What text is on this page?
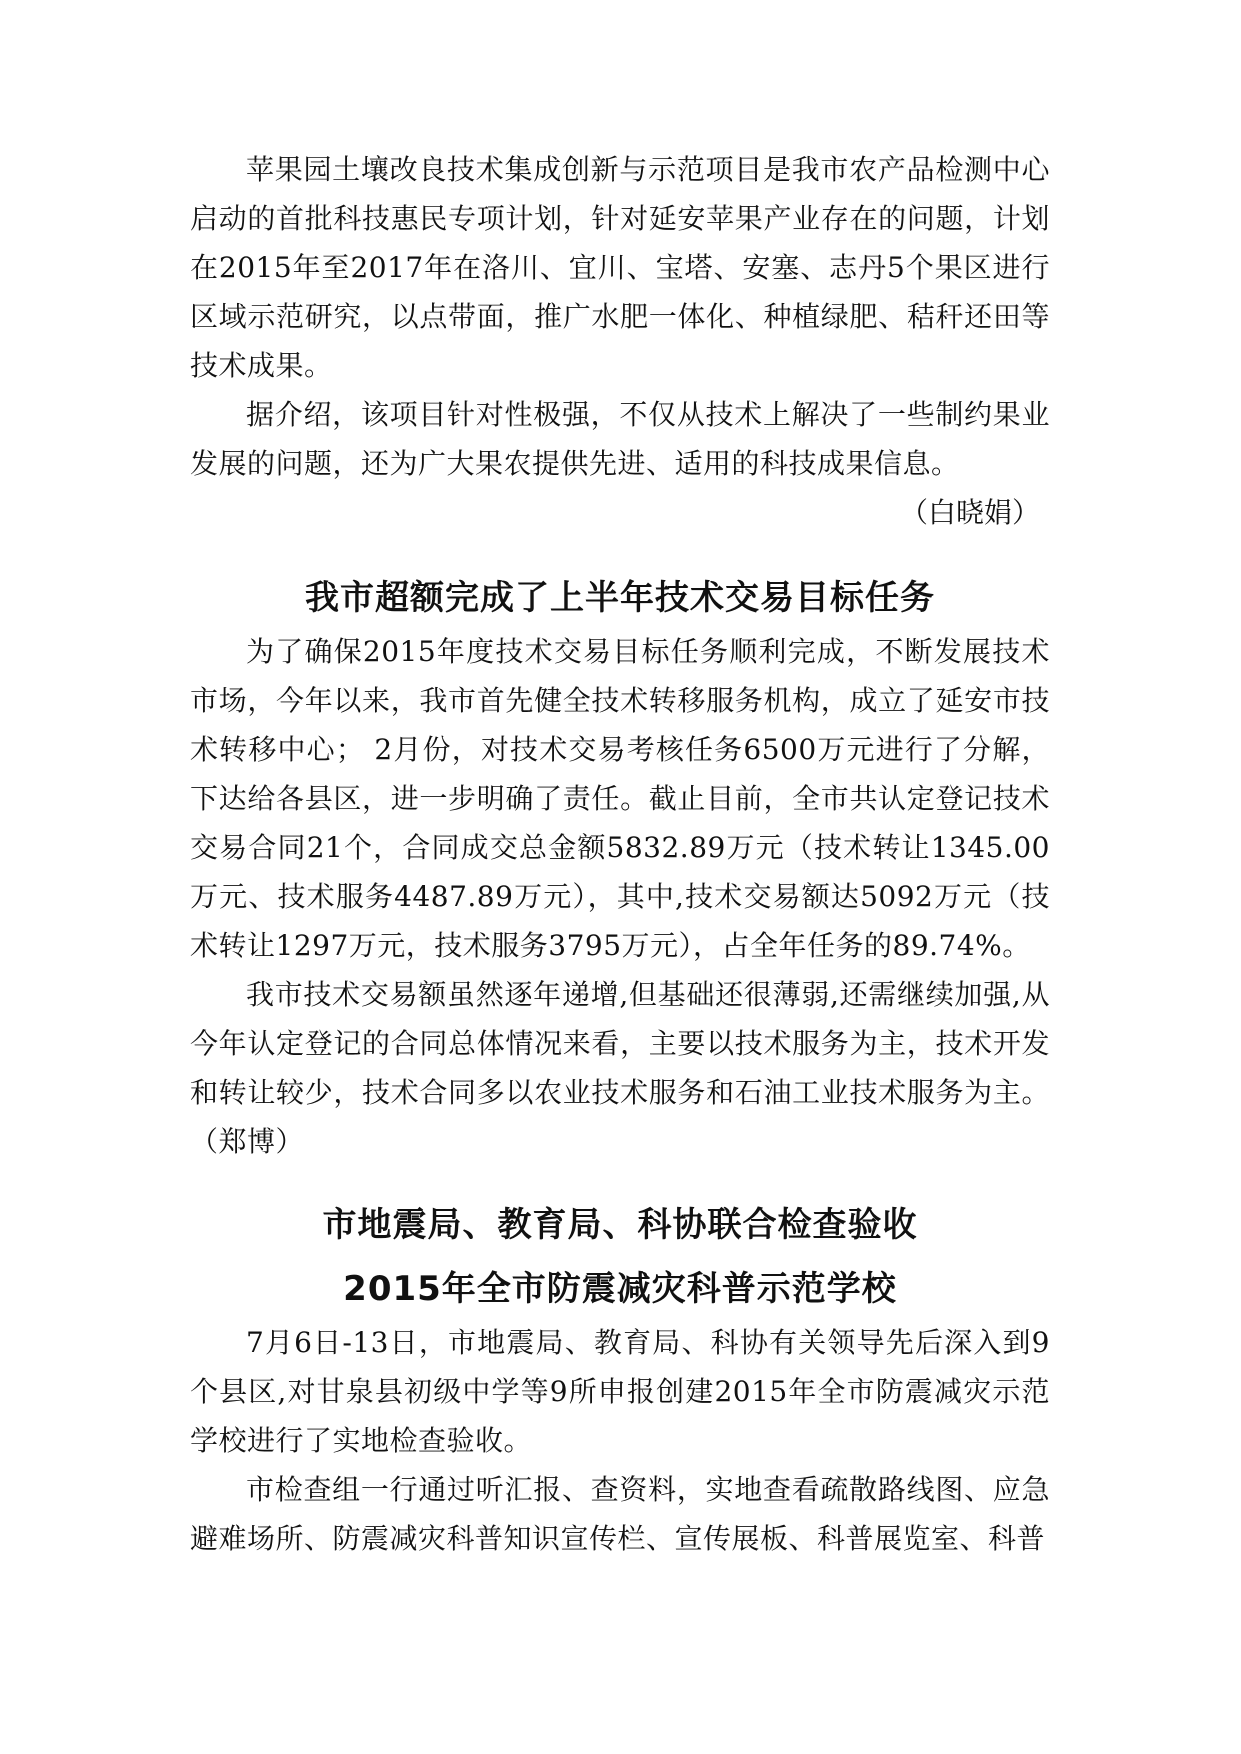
苹果园土壤改良技术集成创新与示范项目是我市农产品检测中心启动的首批科技惠民专项计划，针对延安苹果产业存在的问题，计划在2015年至2017年在洛川、宜川、宝塔、安塞、志丹5个果区进行区域示范研究，以点带面，推广水肥一体化、种植绿肥、秸秆还田等技术成果。

据介绍，该项目针对性极强，不仅从技术上解决了一些制约果业发展的问题，还为广大果农提供先进、适用的科技成果信息。

（白晓娟）

我市超额完成了上半年技术交易目标任务

为了确保2015年度技术交易目标任务顺利完成，不断发展技术市场，今年以来，我市首先健全技术转移服务机构，成立了延安市技术转移中心； 2月份，对技术交易考核任务6500万元进行了分解，下达给各县区，进一步明确了责任。截止目前，全市共认定登记技术交易合同21个，合同成交总金额5832.89万元（技术转让1345.00万元、技术服务4487.89万元），其中,技术交易额达5092万元（技术转让1297万元，技术服务3795万元），占全年任务的89.74%。

我市技术交易额虽然逐年递增,但基础还很薄弱,还需继续加强,从今年认定登记的合同总体情况来看，主要以技术服务为主，技术开发和转让较少，技术合同多以农业技术服务和石油工业技术服务为主。（郑博）

市地震局、教育局、科协联合检查验收
2015年全市防震减灾科普示范学校

7月6日-13日，市地震局、教育局、科协有关领导先后深入到9个县区,对甘泉县初级中学等9所申报创建2015年全市防震减灾示范学校进行了实地检查验收。

市检查组一行通过听汇报、查资料，实地查看疏散路线图、应急避难场所、防震减灾科普知识宣传栏、宣传展板、科普展览室、科普
